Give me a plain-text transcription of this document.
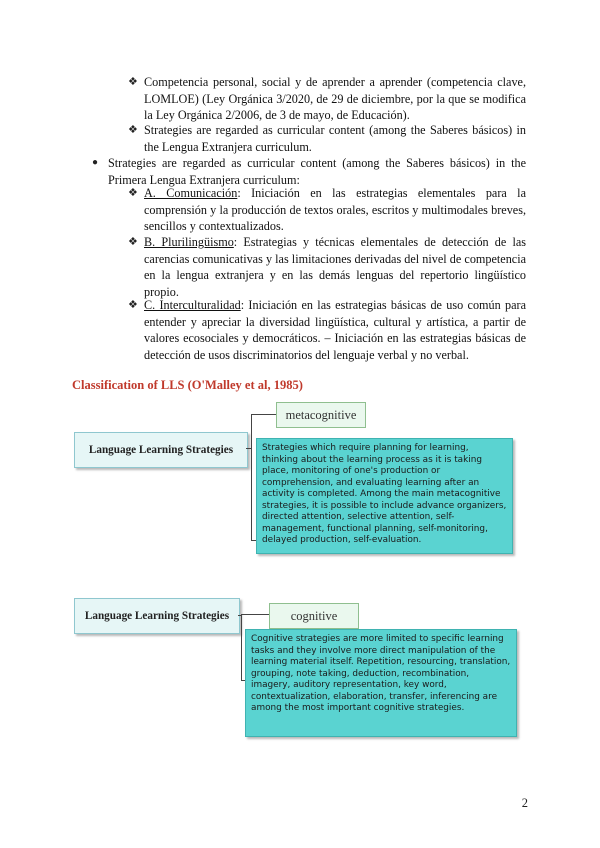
❖ Competencia personal, social y de aprender a aprender (competencia clave, LOMLOE) (Ley Orgánica 3/2020, de 29 de diciembre, por la que se modifica la Ley Orgánica 2/2006, de 3 de mayo, de Educación).
❖ Strategies are regarded as curricular content (among the Saberes básicos) in the Lengua Extranjera curriculum.
● Strategies are regarded as curricular content (among the Saberes básicos) in the Primera Lengua Extranjera curriculum:
❖ A. Comunicación: Iniciación en las estrategias elementales para la comprensión y la producción de textos orales, escritos y multimodales breves, sencillos y contextualizados.
❖ B. Plurilingüismo: Estrategias y técnicas elementales de detección de las carencias comunicativas y las limitaciones derivadas del nivel de competencia en la lengua extranjera y en las demás lenguas del repertorio lingüístico propio.
❖ C. Interculturalidad: Iniciación en las estrategias básicas de uso común para entender y apreciar la diversidad lingüística, cultural y artística, a partir de valores ecosociales y democráticos. – Iniciación en las estrategias básicas de detección de usos discriminatorios del lenguaje verbal y no verbal.
Classification of LLS (O'Malley et al, 1985)
Language Learning Strategies
metacognitive
Strategies which require planning for learning, thinking about the learning process as it is taking place, monitoring of one's production or comprehension, and evaluating learning after an activity is completed. Among the main metacognitive strategies, it is possible to include advance organizers, directed attention, selective attention, self-management, functional planning, self-monitoring, delayed production, self-evaluation.
Language Learning Strategies	cognitive
Cognitive strategies are more limited to specific learning tasks and they involve more direct manipulation of the learning material itself. Repetition, resourcing, translation, grouping, note taking, deduction, recombination, imagery, auditory representation, key word, contextualization, elaboration, transfer, inferencing are among the most important cognitive strategies.
2
